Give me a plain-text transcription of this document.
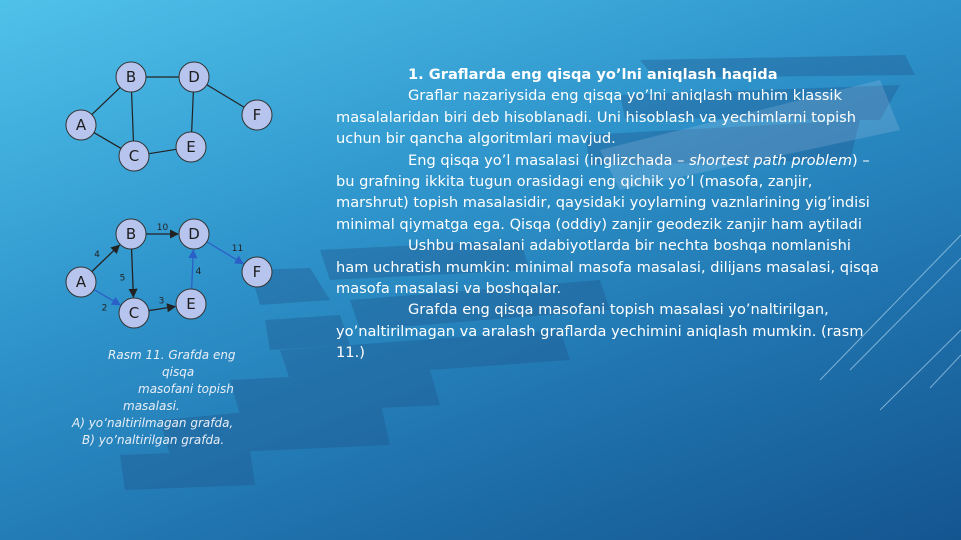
B	D
A
F
E
C
10
4
5
11
2
3
4
B	D
A
F
E
C
Rasm 11. Grafda eng
qisqa
masofani topish
masalasi.
A) yo’naltirilmagan grafda,
B) yo’naltirilgan grafda.

1. Graflarda eng qisqa yo’lni aniqlash haqida

Graflar nazariysida eng qisqa yo’lni aniqlash muhim klassik masalalaridan biri deb hisoblanadi. Uni hisoblash va yechimlarni topish uchun bir qancha algoritmlari mavjud.

Eng qisqa yo’l masalasi (inglizchada – shortest path problem) – bu grafning ikkita tugun orasidagi eng qichik yo’l (masofa, zanjir, marshrut) topish masalasidir, qaysidaki yoylarning vaznlarining yig’indisi minimal qiymatga ega. Qisqa (oddiy) zanjir geodezik zanjir ham aytiladi

Ushbu masalani adabiyotlarda bir nechta boshqa nomlanishi ham uchratish mumkin: minimal masofa masalasi, dilijans masalasi, qisqa masofa masalasi va boshqalar.

Grafda eng qisqa masofani topish masalasi yo’naltirilgan, yo’naltirilmagan va aralash graflarda yechimini aniqlash mumkin. (rasm 11.)
